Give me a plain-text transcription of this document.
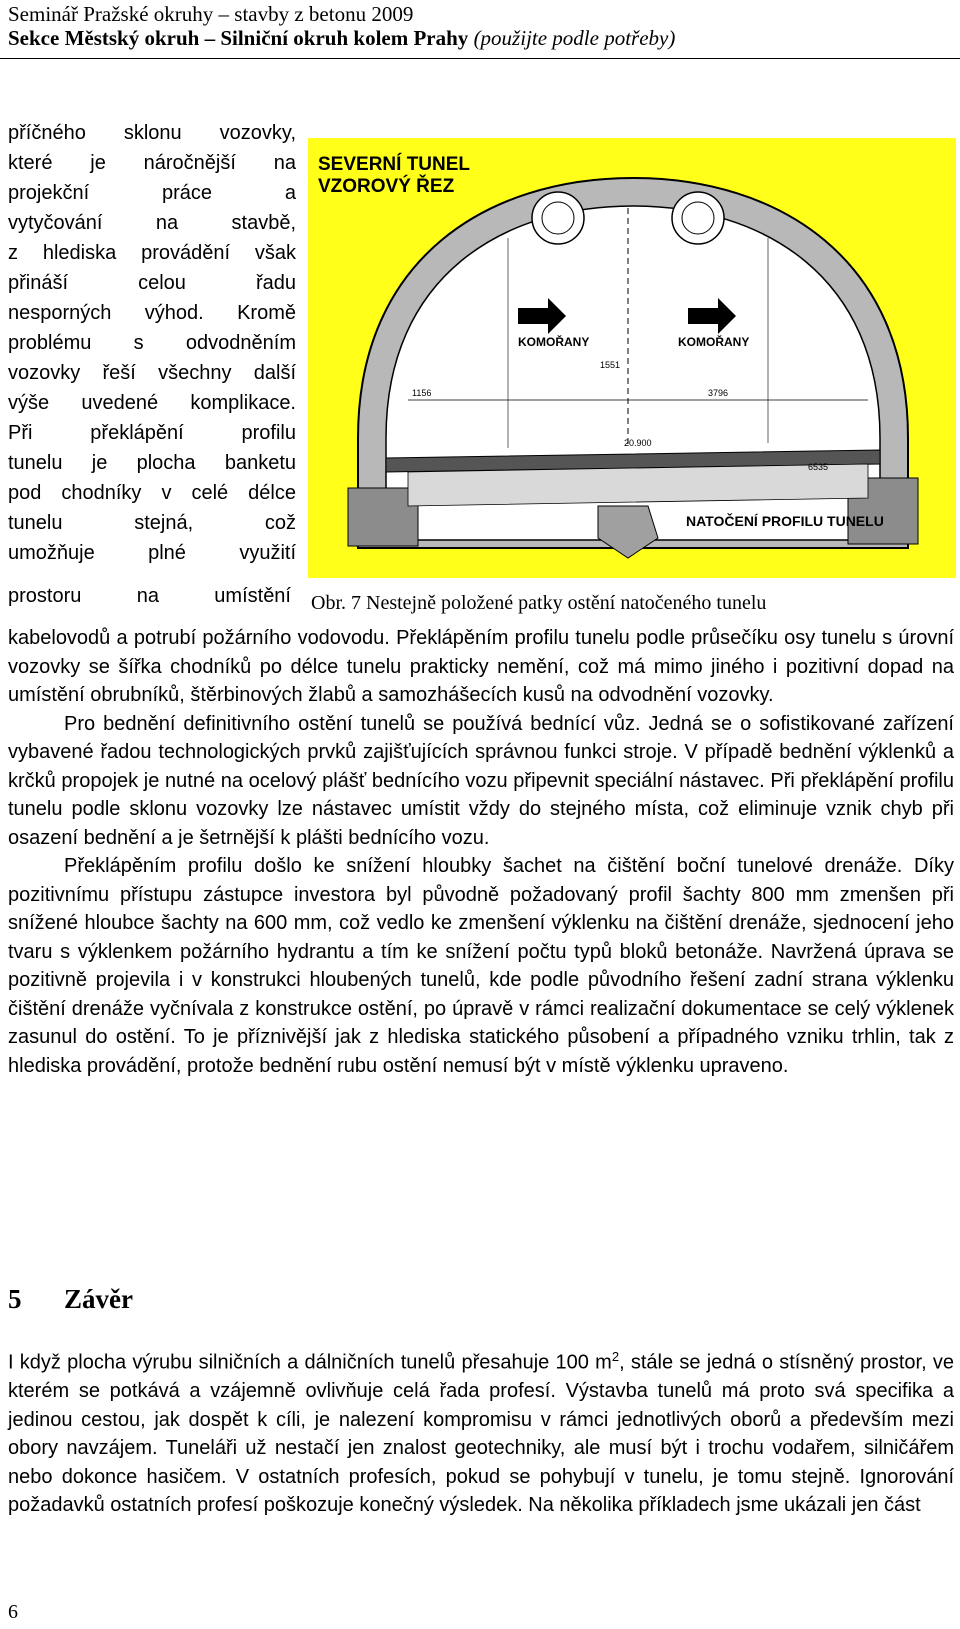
Seminář Pražské okruhy – stavby z betonu 2009
Sekce Městský okruh – Silniční okruh kolem Prahy (použijte podle potřeby)
příčného sklonu vozovky,
které je náročnější na
projekční práce a
vytyčování na stavbě,
z hlediska provádění však
přináší celou řadu
nesporných výhod. Kromě
problému s odvodněním
vozovky řeší všechny další
výše uvedené komplikace.
Při překlápění profilu
tunelu je plocha banketu
pod chodníky v celé délce
tunelu stejná, což
umožňuje plné využití
SEVERNÍ TUNEL
VZOROVÝ ŘEZ
KOMOŘANY	KOMOŘANY
NATOČENÍ PROFILU TUNELU
1156	3796
20.900
6535
1551
prostoru na umístění Obr. 7 Nestejně položené patky ostění natočeného tunelu

kabelovodů a potrubí požárního vodovodu. Překlápěním profilu tunelu podle průsečíku osy tunelu s úrovní vozovky se šířka chodníků po délce tunelu prakticky nemění, což má mimo jiného i pozitivní dopad na umístění obrubníků, štěrbinových žlabů a samozhášecích kusů na odvodnění vozovky.

Pro bednění definitivního ostění tunelů se používá bednící vůz. Jedná se o sofistikované zařízení vybavené řadou technologických prvků zajišťujících správnou funkci stroje. V případě bednění výklenků a krčků propojek je nutné na ocelový plášť bednícího vozu připevnit speciální nástavec. Při překlápění profilu tunelu podle sklonu vozovky lze nástavec umístit vždy do stejného místa, což eliminuje vznik chyb při osazení bednění a je šetrnější k plášti bednícího vozu.

Překlápěním profilu došlo ke snížení hloubky šachet na čištění boční tunelové drenáže. Díky pozitivnímu přístupu zástupce investora byl původně požadovaný profil šachty 800 mm zmenšen při snížené hloubce šachty na 600 mm, což vedlo ke zmenšení výklenku na čištění drenáže, sjednocení jeho tvaru s výklenkem požárního hydrantu a tím ke snížení počtu typů bloků betonáže. Navržená úprava se pozitivně projevila i v konstrukci hloubených tunelů, kde podle původního řešení zadní strana výklenku čištění drenáže vyčnívala z konstrukce ostění, po úpravě v rámci realizační dokumentace se celý výklenek zasunul do ostění. To je příznivější jak z hlediska statického působení a případného vzniku trhlin, tak z hlediska provádění, protože bednění rubu ostění nemusí být v místě výklenku upraveno.

5 Závěr

I když plocha výrubu silničních a dálničních tunelů přesahuje 100 $m^2$, stále se jedná o stísněný prostor, ve kterém se potkává a vzájemně ovlivňuje celá řada profesí. Výstavba tunelů má proto svá specifika a jedinou cestou, jak dospět k cíli, je nalezení kompromisu v rámci jednotlivých oborů a především mezi obory navzájem. Tuneláři už nestačí jen znalost geotechniky, ale musí být i trochu vodařem, silničářem nebo dokonce hasičem. V ostatních profesích, pokud se pohybují v tunelu, je tomu stejně. Ignorování požadavků ostatních profesí poškozuje konečný výsledek. Na několika příkladech jsme ukázali jen část

6
